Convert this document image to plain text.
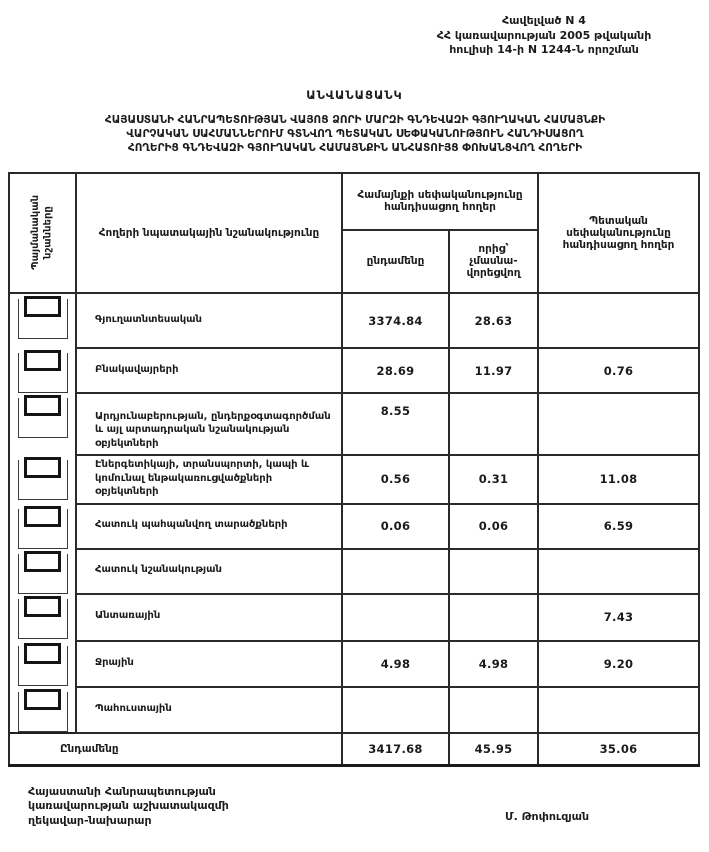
Հավելված N 4
ՀՀ կառավարության 2005 թվականի
հուլիսի 14-ի N 1244-Ն որոշման
ԱՆՎԱՆԱՑԱՆԿ
ՀԱՅԱՍՏԱՆԻ ՀԱՆՐԱՊԵՏՈՒԹՅԱՆ ՎԱՅՈՑ ՁՈՐԻ ՄԱՐԶԻ ԳՆԴԵՎԱԶԻ ԳՅՈՒՂԱԿԱՆ ՀԱՄԱՅՆՔԻ
ՎԱՐՉԱԿԱՆ ՍԱՀՄԱՆՆԵՐՈՒՄ ԳՏՆՎՈՂ ՊԵՏԱԿԱՆ ՍԵՓԱԿԱՆՈՒԹՅՈՒՆ ՀԱՆԴԻՍԱՑՈՂ
ՀՈՂԵՐԻՑ ԳՆԴԵՎԱԶԻ ԳՅՈՒՂԱԿԱՆ ՀԱՄԱՅՆՔԻՆ ԱՆՀԱՏՈՒՅՑ ՓՈԽԱՆՑՎՈՂ ՀՈՂԵՐԻ
Պայմանական նշանները	Հողերի նպատակային նշանակությունը	Համայնքի սեփականությունը հանդիսացող հողեր		Պետական սեփականությունը հանդիսացող հողեր
		ընդամենը	որից՝ չմասնա-վորեցվող	

	Գյուղատնտեսական	3374.84	28.63	

	Բնակավայրերի	28.69	11.97	0.76

	Արդյունաբերության, ընդերքօգտագործման և այլ արտադրական նշանակության օբյեկտների	8.55		

	Էներգետիկայի, տրանսպորտի, կապի և կոմունալ ենթակառուցվածքների օբյեկտների	0.56	0.31	11.08

	Հատուկ պահպանվող տարածքների	0.06	0.06	6.59

	Հատուկ նշանակության			

	Անտառային			7.43

	Ջրային	4.98	4.98	9.20

	Պահուստային			
Ընդամենը		3417.68	45.95	35.06
Հայաստանի Հանրապետության
կառավարության աշխատակազմի
ղեկավար-նախարար	Մ. Թոփուզյան
